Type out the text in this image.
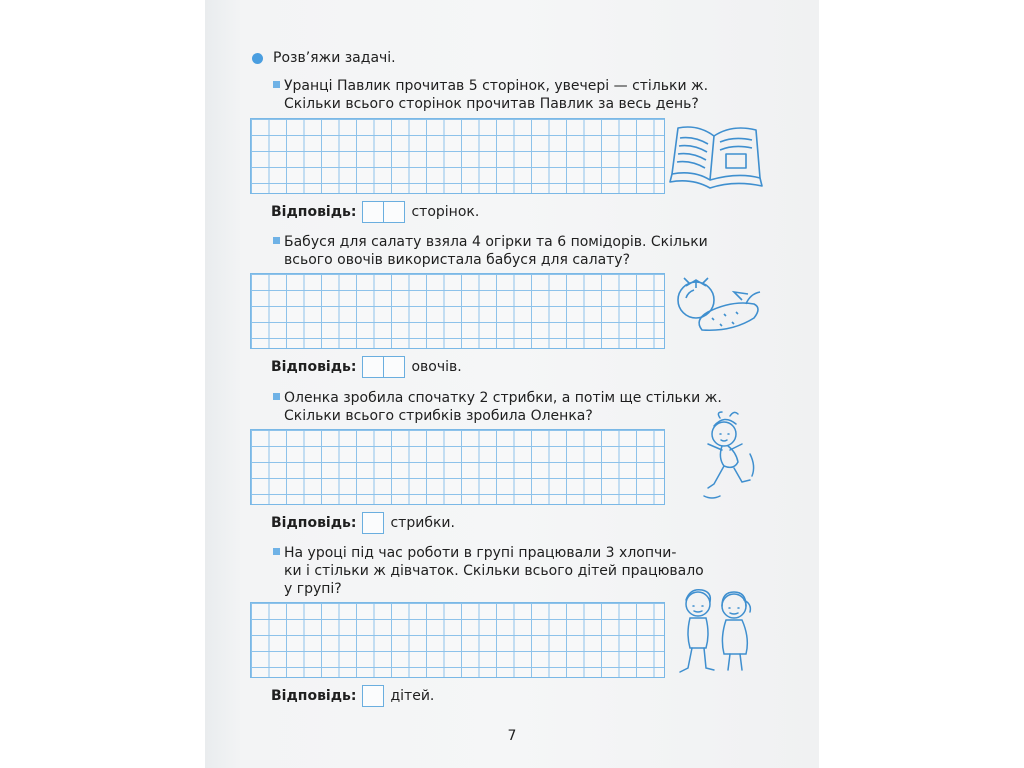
Розв’яжи задачі.
Уранці Павлик прочитав 5 сторінок, увечері — стільки ж.
Скільки всього сторінок прочитав Павлик за весь день?
Відповідь:	сторінок.
Бабуся для салату взяла 4 огірки та 6 помідорів. Скільки
всього овочів використала бабуся для салату?
Відповідь:	овочів.
Оленка зробила спочатку 2 стрибки, а потім ще стільки ж.
Скільки всього стрибків зробила Оленка?
Відповідь: стрибки.
На уроці під час роботи в групі працювали 3 хлопчи-
ки і стільки ж дівчаток. Скільки всього дітей працювало
у групі?
Відповідь: дітей.
7
